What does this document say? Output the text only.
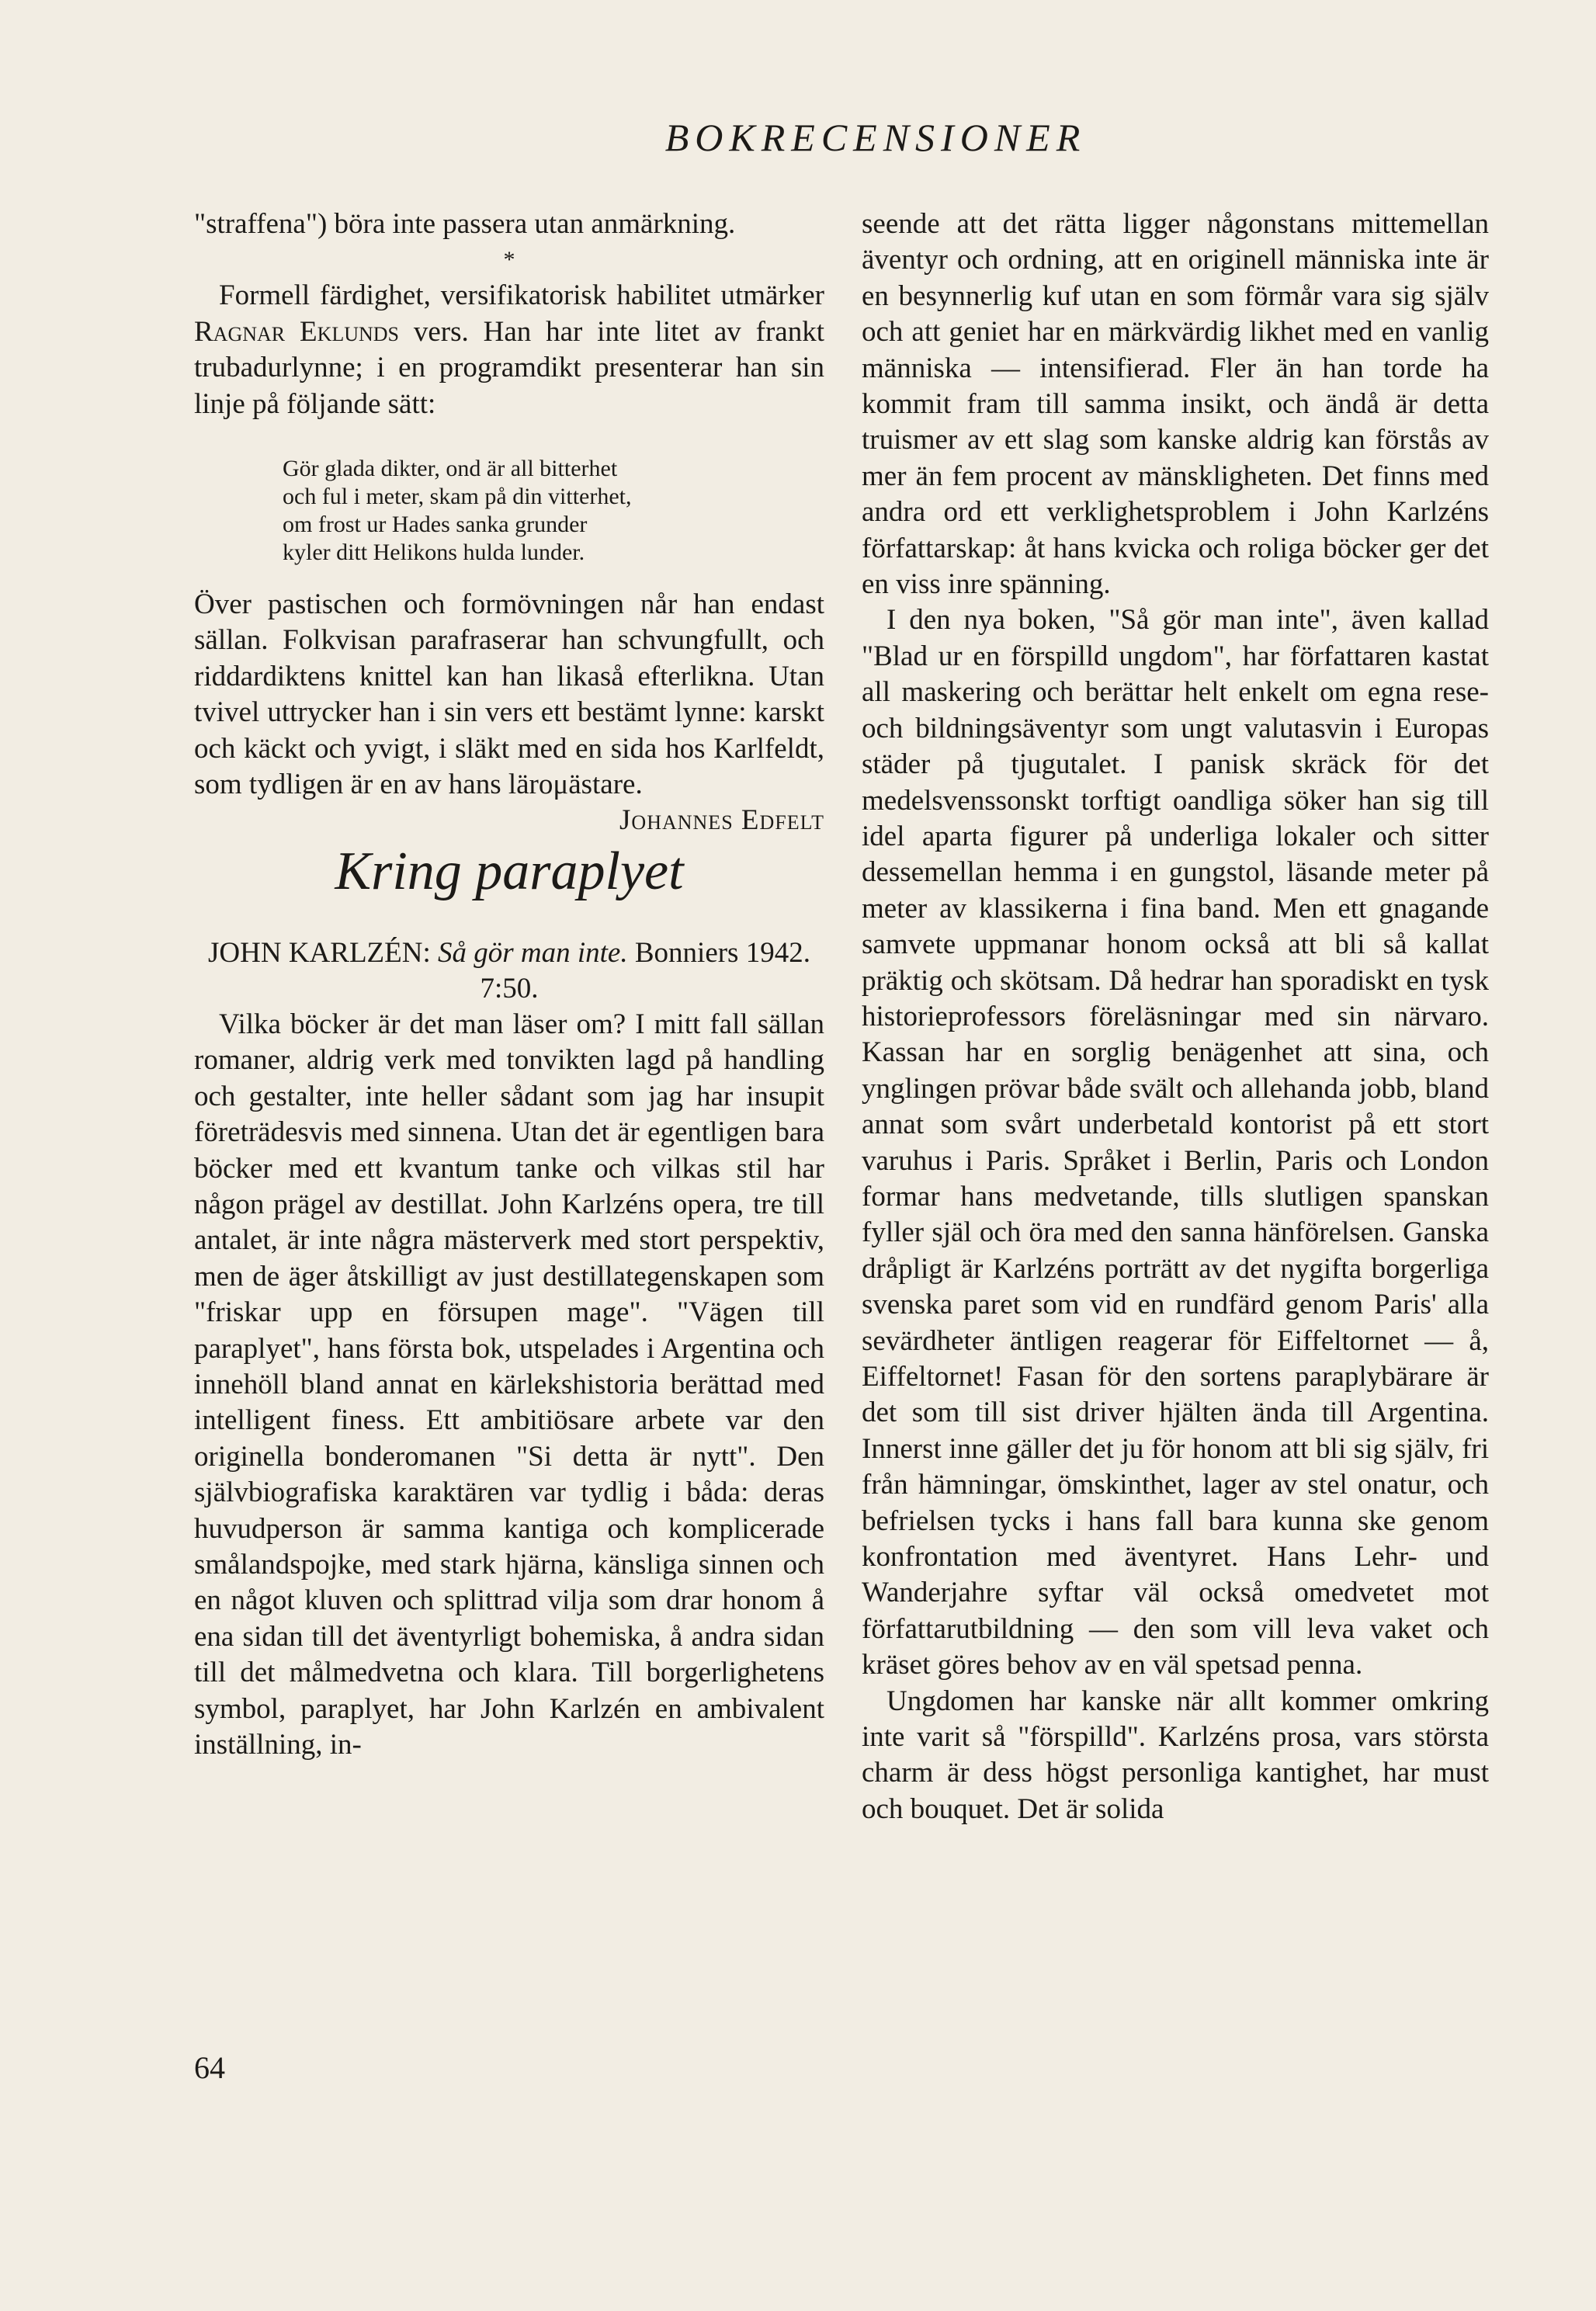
BOKRECENSIONER

"straffena") böra inte passera utan anmärkning.

*

Formell färdighet, versifikatorisk habilitet utmärker Ragnar Eklunds vers. Han har inte litet av frankt trubadurlynne; i en programdikt presenterar han sin linje på följande sätt:

Gör glada dikter, ond är all bitterhet
och ful i meter, skam på din vitterhet,
om frost ur Hades sanka grunder
kyler ditt Helikons hulda lunder.

Över pastischen och formövningen når han endast sällan. Folkvisan parafraserar han schvungfullt, och riddardiktens knittel kan han likaså efterlikna. Utan tvivel uttrycker han i sin vers ett bestämt lynne: karskt och käckt och yvigt, i släkt med en sida hos Karlfeldt, som tydligen är en av hans lärομästare.

Johannes Edfelt

Kring paraplyet

JOHN KARLZÉN: Så gör man inte. Bonniers 1942. 7:50.

Vilka böcker är det man läser om? I mitt fall sällan romaner, aldrig verk med tonvikten lagd på handling och gestalter, inte heller sådant som jag har insupit företrädesvis med sinnena. Utan det är egentligen bara böcker med ett kvantum tanke och vilkas stil har någon prägel av destillat. John Karlzéns opera, tre till antalet, är inte några mästerverk med stort perspektiv, men de äger åtskilligt av just destillategenskapen som "friskar upp en försupen mage". "Vägen till paraplyet", hans första bok, utspelades i Argentina och innehöll bland annat en kärlekshistoria berättad med intelligent finess. Ett ambitiösare arbete var den originella bonderomanen "Si detta är nytt". Den självbiografiska karaktären var tydlig i båda: deras huvudperson är samma kantiga och komplicerade smålandspojke, med stark hjärna, känsliga sinnen och en något kluven och splittrad vilja som drar honom å ena sidan till det äventyrligt bohemiska, å andra sidan till det målmedvetna och klara. Till borgerlighetens symbol, paraplyet, har John Karlzén en ambivalent inställning, in-

seende att det rätta ligger någonstans mittemellan äventyr och ordning, att en originell människa inte är en besynnerlig kuf utan en som förmår vara sig själv och att geniet har en märkvärdig likhet med en vanlig människa — intensifierad. Fler än han torde ha kommit fram till samma insikt, och ändå är detta truismer av ett slag som kanske aldrig kan förstås av mer än fem procent av mänskligheten. Det finns med andra ord ett verklighetsproblem i John Karlzéns författarskap: åt hans kvicka och roliga böcker ger det en viss inre spänning.

I den nya boken, "Så gör man inte", även kallad "Blad ur en förspilld ungdom", har författaren kastat all maskering och berättar helt enkelt om egna rese- och bildningsäventyr som ungt valutasvin i Europas städer på tjugutalet. I panisk skräck för det medelsvenssonskt torftigt oandliga söker han sig till idel aparta figurer på underliga lokaler och sitter dessemellan hemma i en gungstol, läsande meter på meter av klassikerna i fina band. Men ett gnagande samvete uppmanar honom också att bli så kallat präktig och skötsam. Då hedrar han sporadiskt en tysk historieprofessors föreläsningar med sin närvaro. Kassan har en sorglig benägenhet att sina, och ynglingen prövar både svält och allehanda jobb, bland annat som svårt underbetald kontorist på ett stort varuhus i Paris. Språket i Berlin, Paris och London formar hans medvetande, tills slutligen spanskan fyller själ och öra med den sanna hänförelsen. Ganska dråpligt är Karlzéns porträtt av det nygifta borgerliga svenska paret som vid en rundfärd genom Paris' alla sevärdheter äntligen reagerar för Eiffeltornet — å, Eiffeltornet! Fasan för den sortens paraplybärare är det som till sist driver hjälten ända till Argentina. Innerst inne gäller det ju för honom att bli sig själv, fri från hämningar, ömskinthet, lager av stel onatur, och befrielsen tycks i hans fall bara kunna ske genom konfrontation med äventyret. Hans Lehr- und Wanderjahre syftar väl också omedvetet mot författarutbildning — den som vill leva vaket och kräset göres behov av en väl spetsad penna.

Ungdomen har kanske när allt kommer omkring inte varit så "förspilld". Karlzéns prosa, vars största charm är dess högst personliga kantighet, har must och bouquet. Det är solida

64
